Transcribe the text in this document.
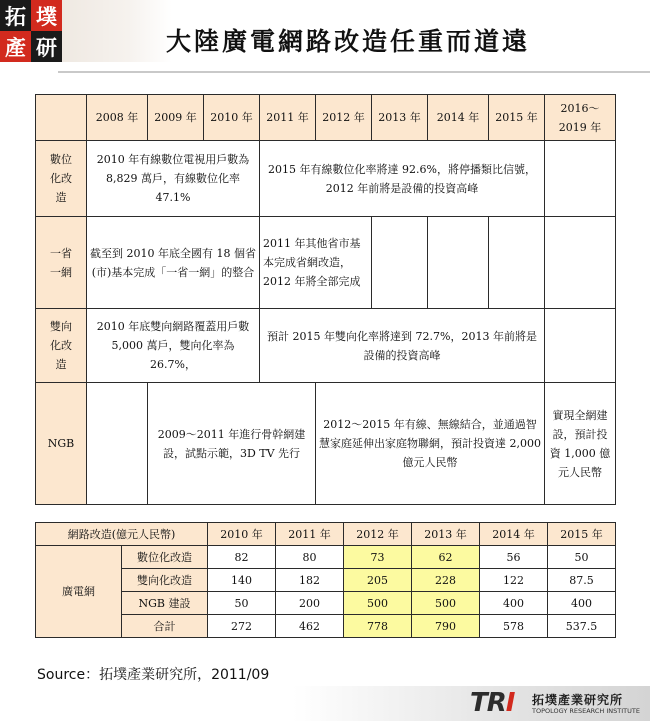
拓 墣
產 研	大陸廣電網路改造任重而道遠
	2008 年	2009 年	2010 年	2011 年	2012 年	2013 年	2014 年	2015 年	2016～
2019 年
數位
化改
造	2010 年有線數位電視用戶數為 8,829 萬戶，有線數位化率 47.1%			2015 年有線數位化率將達 92.6%，將停播類比信號，2012 年前將是設備的投資高峰					
一省
一網	截至到 2010 年底全國有 18 個省(市)基本完成「一省一網」的整合			2011 年其他省市基本完成省網改造，2012 年將全部完成					
雙向
化改
造	2010 年底雙向網路覆蓋用戶數 5,000 萬戶，雙向化率為 26.7%，			預計 2015 年雙向化率將達到 72.7%，2013 年前將是設備的投資高峰					
NGB		2009～2011 年進行骨幹網建設，試點示範，3D TV 先行			2012～2015 年有線、無線結合，並通過智慧家庭延伸出家庭物聯網，預計投資達 2,000 億元人民幣				實現全網建設，預計投資 1,000 億元人民幣
網路改造(億元人民幣)		2010 年	2011 年	2012 年	2013 年	2014 年	2015 年
廣電網	數位化改造	82	80	73	62	56	50
	雙向化改造	140	182	205	228	122	87.5
	NGB 建設	50	200	500	500	400	400
	合計	272	462	778	790	578	537.5
Source：拓墣產業研究所，2011/09
TRI 拓墣產業研究所
TOPOLOGY RESEARCH INSTITUTE
